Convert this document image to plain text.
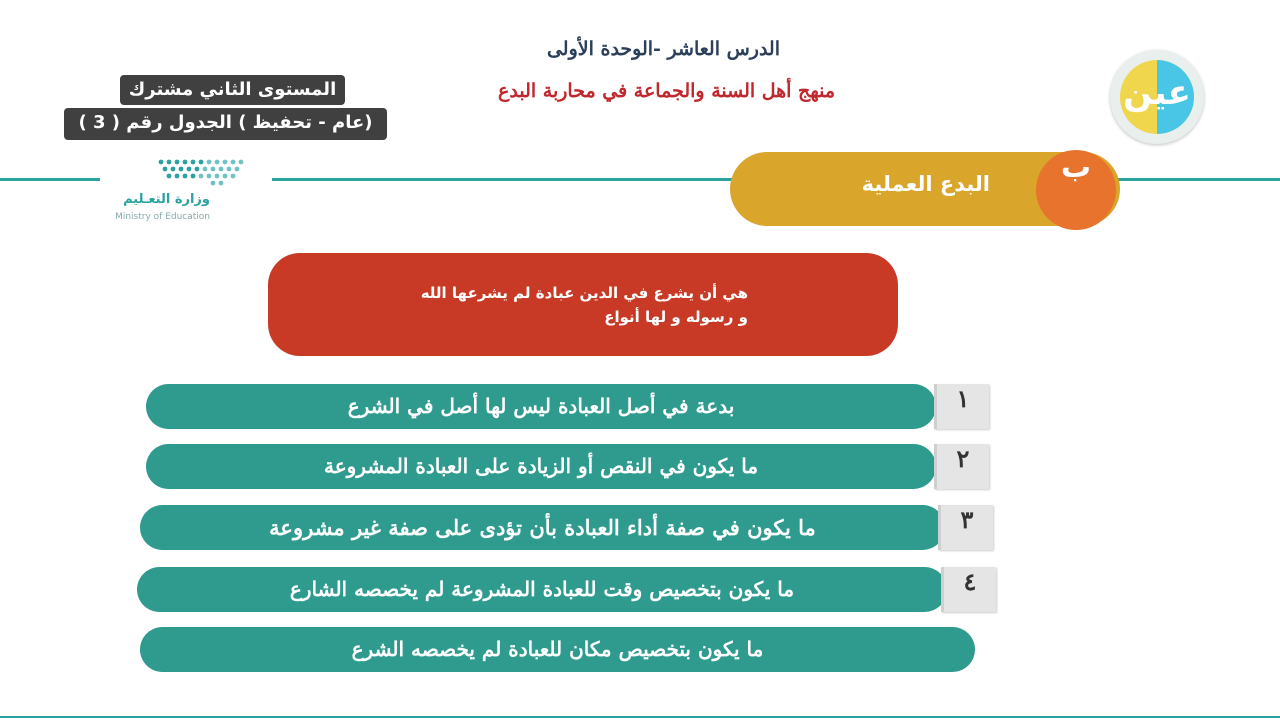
الدرس العاشر -الوحدة الأولى
منهج أهل السنة والجماعة في محاربة البدع
المستوى الثاني مشترك
(عام - تحفيظ ) الجدول رقم ( 3 )
عين
وزارة التعـليم
Ministry of Education
البدع العملية	ب
هي أن يشرع في الدين عبادة لم يشرعها الله
و رسوله و لها أنواع
بدعة في أصل العبادة ليس لها أصل في الشرع	١
ما يكون في النقص أو الزيادة على العبادة المشروعة	٢
ما يكون في صفة أداء العبادة بأن تؤدى على صفة غير مشروعة	٣
ما يكون بتخصيص وقت للعبادة المشروعة لم يخصصه الشارع	٤
ما يكون بتخصيص مكان للعبادة لم يخصصه الشرع
